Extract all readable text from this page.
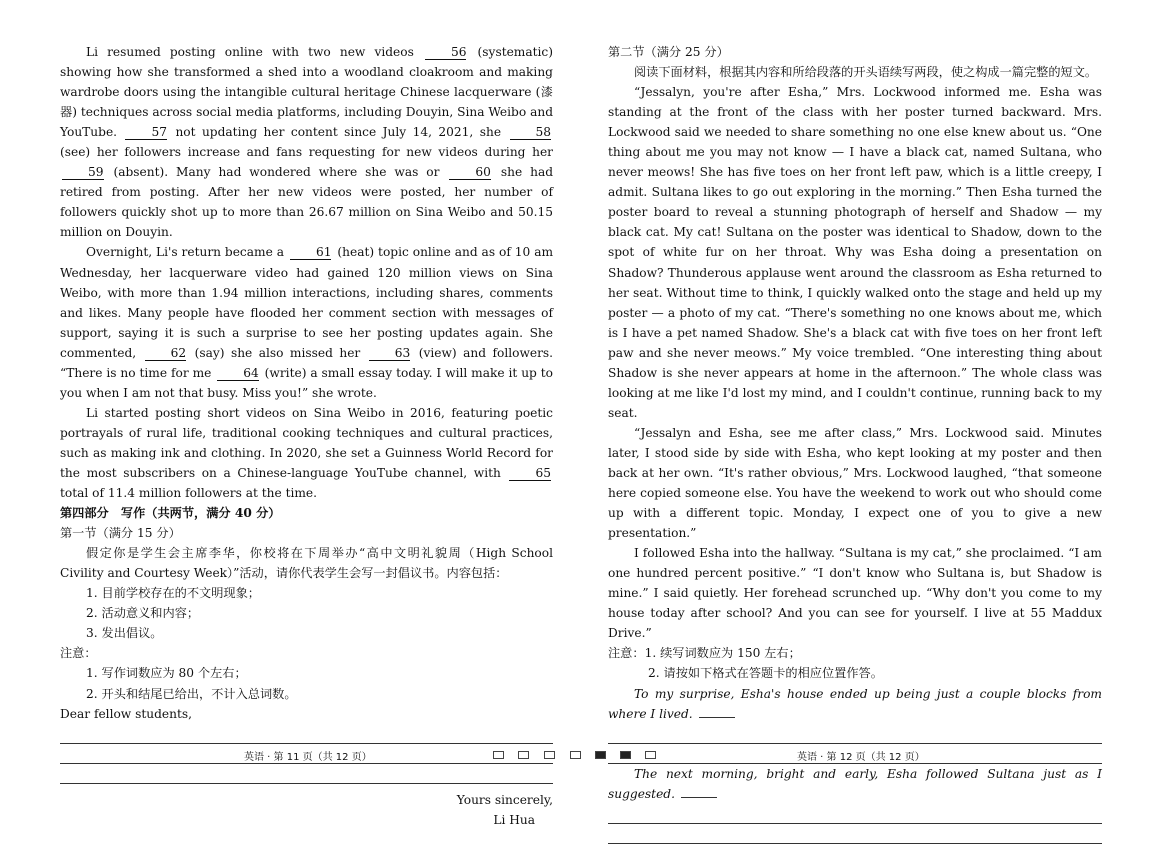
Li resumed posting online with two new videos	56 (systematic) showing how she transformed a shed into a woodland cloakroom and making wardrobe doors using the intangible cultural heritage Chinese lacquerware (漆器) techniques across social media platforms, including Douyin, Sina Weibo and YouTube.	57 not updating her content since July 14, 2021, she	58 (see) her followers increase and fans requesting for new videos during her 59 (absent). Many had wondered where she was or	60 she had retired from posting. After her new videos were posted, her number of followers quickly shot up to more than 26.67 million on Sina Weibo and 50.15 million on Douyin.

Overnight, Li's return became a	61 (heat) topic online and as of 10 am Wednesday, her lacquerware video had gained 120 million views on Sina Weibo, with more than 1.94 million interactions, including shares, comments and likes. Many people have flooded her comment section with messages of support, saying it is such a surprise to see her posting updates again. She commented,	62 (say) she also missed her	63 (view) and followers. “There is no time for me	64 (write) a small essay today. I will make it up to you when I am not that busy. Miss you!” she wrote.

Li started posting short videos on Sina Weibo in 2016, featuring poetic portrayals of rural life, traditional cooking techniques and cultural practices, such as making ink and clothing. In 2020, she set a Guinness World Record for the most subscribers on a Chinese-language YouTube channel, with	65 total of 11.4 million followers at the time.

第四部分　写作（共两节，满分 40 分）

第一节（满分 15 分）

假定你是学生会主席李华，你校将在下周举办“高中文明礼貌周（High School Civility and Courtesy Week）”活动，请你代表学生会写一封倡议书。内容包括：

1. 目前学校存在的不文明现象；

2. 活动意义和内容；

3. 发出倡议。

注意：

1. 写作词数应为 80 个左右；

2. 开头和结尾已给出，不计入总词数。

Dear fellow students,

Yours sincerely,

Li Hua

第二节（满分 25 分）

阅读下面材料，根据其内容和所给段落的开头语续写两段，使之构成一篇完整的短文。

“Jessalyn, you're after Esha,” Mrs. Lockwood informed me. Esha was standing at the front of the class with her poster turned backward. Mrs. Lockwood said we needed to share something no one else knew about us. “One thing about me you may not know — I have a black cat, named Sultana, who never meows! She has five toes on her front left paw, which is a little creepy, I admit. Sultana likes to go out exploring in the morning.” Then Esha turned the poster board to reveal a stunning photograph of herself and Shadow — my black cat. My cat! Sultana on the poster was identical to Shadow, down to the spot of white fur on her throat. Why was Esha doing a presentation on Shadow? Thunderous applause went around the classroom as Esha returned to her seat. Without time to think, I quickly walked onto the stage and held up my poster — a photo of my cat. “There's something no one knows about me, which is I have a pet named Shadow. She's a black cat with five toes on her front left paw and she never meows.” My voice trembled. “One interesting thing about Shadow is she never appears at home in the afternoon.” The whole class was looking at me like I'd lost my mind, and I couldn't continue, running back to my seat.

“Jessalyn and Esha, see me after class,” Mrs. Lockwood said. Minutes later, I stood side by side with Esha, who kept looking at my poster and then back at her own. “It's rather obvious,” Mrs. Lockwood laughed, “that someone here copied someone else. You have the weekend to work out who should come up with a different topic. Monday, I expect one of you to give a new presentation.”

I followed Esha into the hallway. “Sultana is my cat,” she proclaimed. “I am one hundred percent positive.” “I don't know who Sultana is, but Shadow is mine.” I said quietly. Her forehead scrunched up. “Why don't you come to my house today after school? And you can see for yourself. I live at 55 Maddux Drive.”

注意：1. 续写词数应为 150 左右；

2. 请按如下格式在答题卡的相应位置作答。

To my surprise, Esha's house ended up being just a couple blocks from where I lived.

The next morning, bright and early, Esha followed Sultana just as I suggested.

英语 · 第 11 页（共 12 页）	英语 · 第 12 页（共 12 页）
